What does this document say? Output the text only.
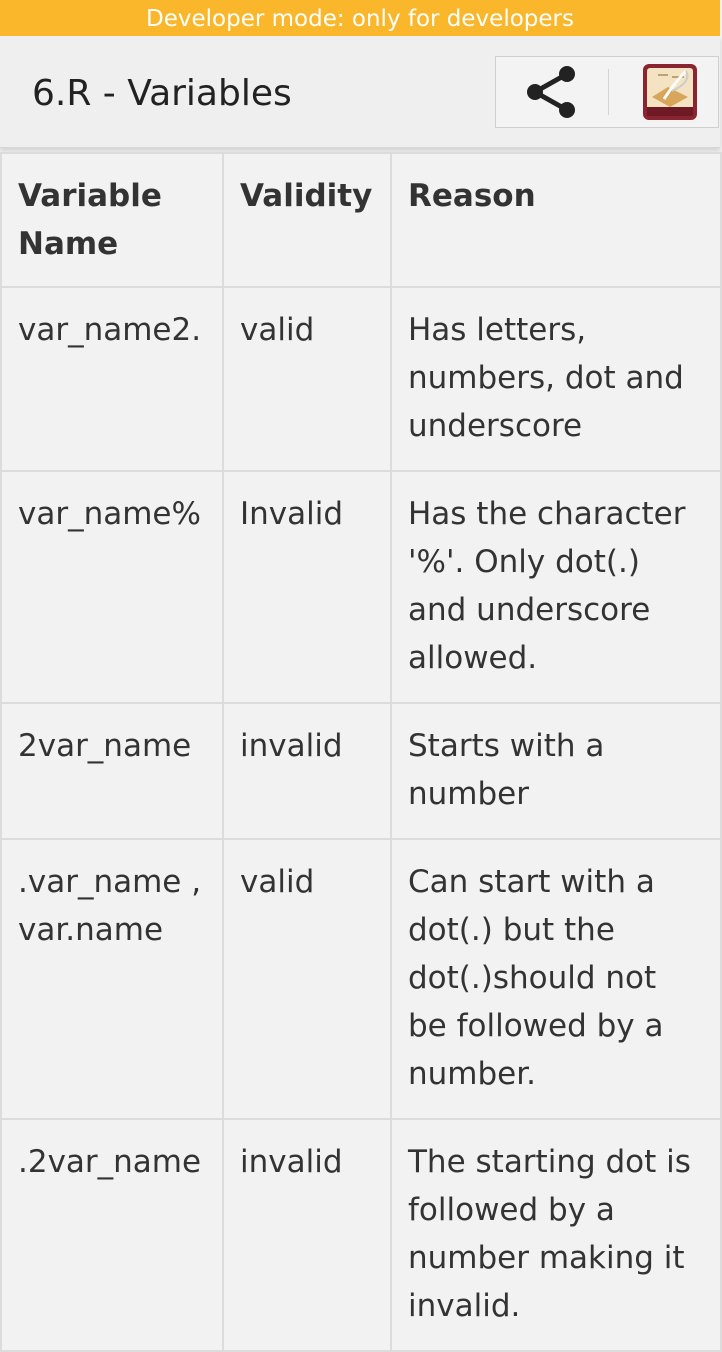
Developer mode: only for developers
6.R - Variables
Variable Name	Validity	Reason
var_name2.	valid	Has letters, numbers, dot and underscore
var_name%	Invalid	Has the character '%'. Only dot(.) and underscore allowed.
2var_name	invalid	Starts with a number
.var_name , var.name	valid	Can start with a dot(.) but the dot(.)should not be followed by a number.
.2var_name	invalid	The starting dot is followed by a number making it invalid.
